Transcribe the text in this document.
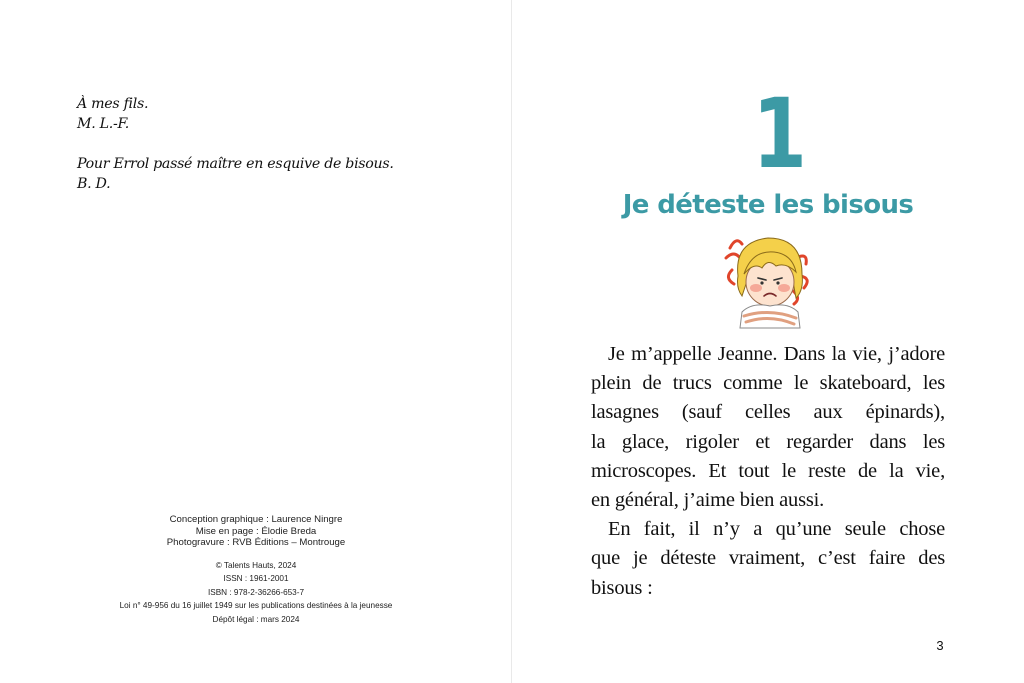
À mes fils.
M. L.-F.
Pour Errol passé maître en esquive de bisous.
B. D.
Conception graphique : Laurence Ningre
Mise en page : Élodie Breda
Photogravure : RVB Éditions – Montrouge
© Talents Hauts, 2024
ISSN : 1961-2001
ISBN : 978-2-36266-653-7
Loi n° 49-956 du 16 juillet 1949 sur les publications destinées à la jeunesse
Dépôt légal : mars 2024
1
Je déteste les bisous
Je m’appelle Jeanne. Dans la vie, j’adore
plein de trucs comme le skateboard, les
lasagnes (sauf celles aux épinards),
la glace, rigoler et regarder dans les
microscopes. Et tout le reste de la vie,
en général, j’aime bien aussi.
En fait, il n’y a qu’une seule chose
que je déteste vraiment, c’est faire des
bisous :
3
